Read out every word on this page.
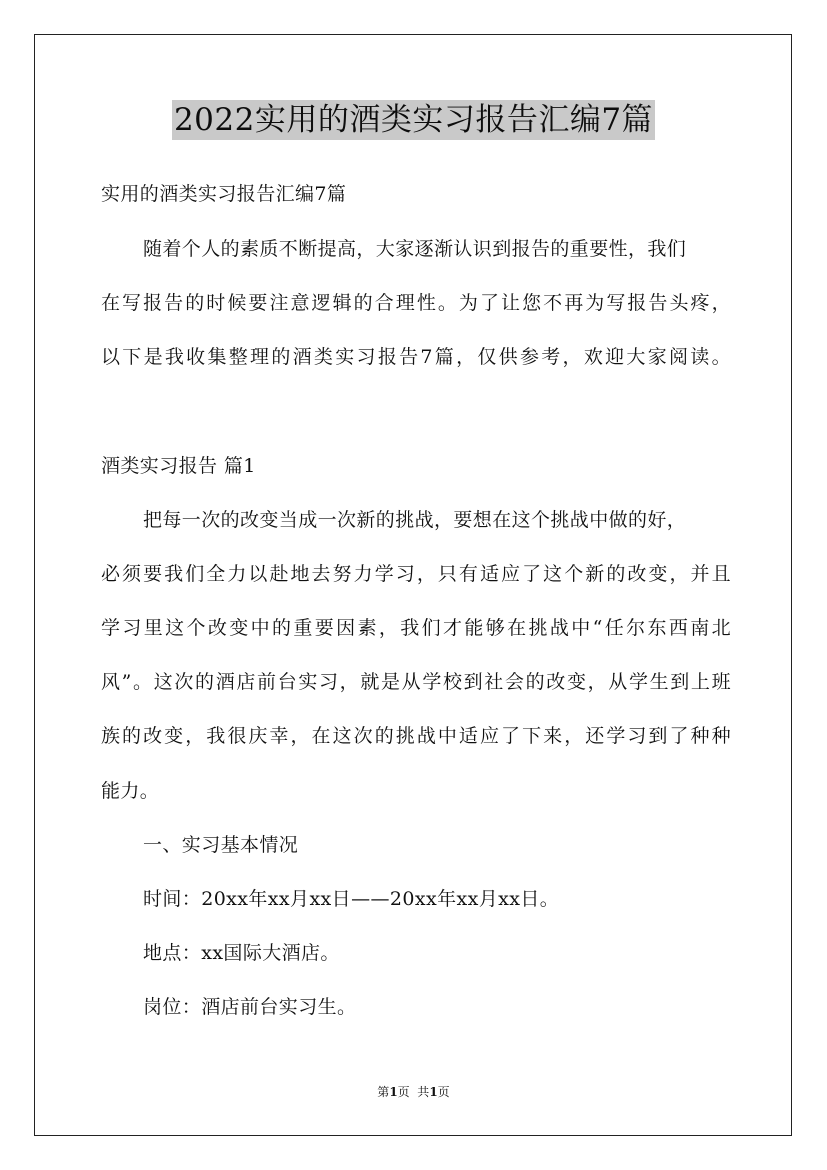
2022实用的酒类实习报告汇编7篇
实用的酒类实习报告汇编7篇
随着个人的素质不断提高，大家逐渐认识到报告的重要性，我们
在写报告的时候要注意逻辑的合理性。为了让您不再为写报告头疼，
以下是我收集整理的酒类实习报告7篇，仅供参考，欢迎大家阅读。
酒类实习报告 篇1
把每一次的改变当成一次新的挑战，要想在这个挑战中做的好，
必须要我们全力以赴地去努力学习，只有适应了这个新的改变，并且
学习里这个改变中的重要因素，我们才能够在挑战中“任尔东西南北
风”。这次的酒店前台实习，就是从学校到社会的改变，从学生到上班
族的改变，我很庆幸，在这次的挑战中适应了下来，还学习到了种种
能力。
一、实习基本情况
时间：20xx年xx月xx日——20xx年xx月xx日。
地点：xx国际大酒店。
岗位：酒店前台实习生。
第1页  共1页
